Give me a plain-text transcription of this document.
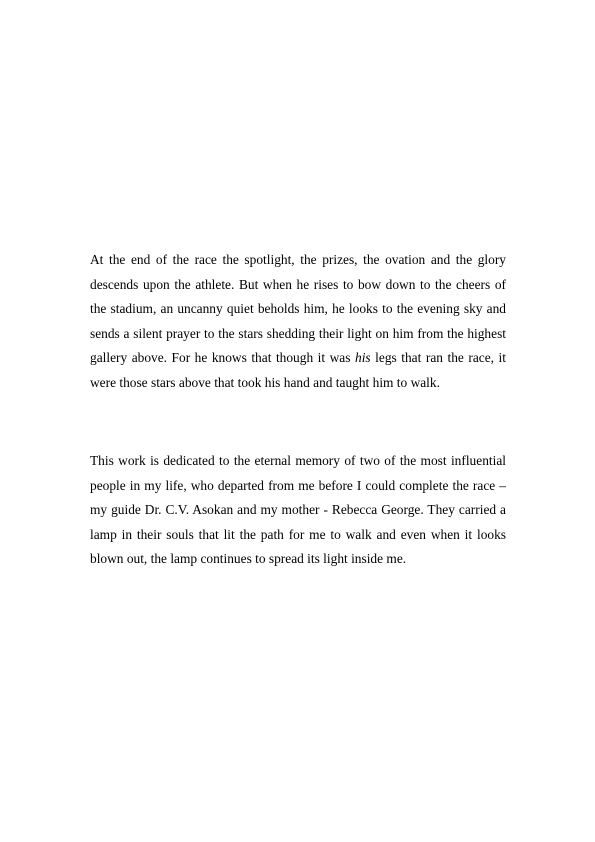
At the end of the race the spotlight, the prizes, the ovation and the glory descends upon the athlete. But when he rises to bow down to the cheers of the stadium, an uncanny quiet beholds him, he looks to the evening sky and sends a silent prayer to the stars shedding their light on him from the highest gallery above. For he knows that though it was his legs that ran the race, it were those stars above that took his hand and taught him to walk.

This work is dedicated to the eternal memory of two of the most influential people in my life, who departed from me before I could complete the race – my guide Dr. C.V. Asokan and my mother - Rebecca George. They carried a lamp in their souls that lit the path for me to walk and even when it looks blown out, the lamp continues to spread its light inside me.
